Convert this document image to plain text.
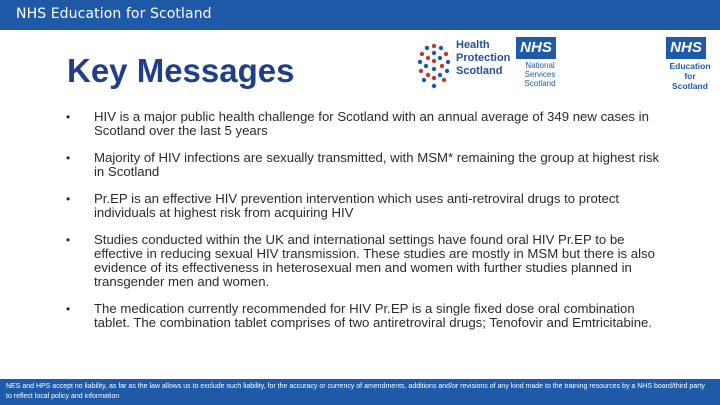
NHS Education for Scotland
Key Messages
Health
Protection
Scotland
NHS
National
Services
Scotland
NHS
Education
for
Scotland
• HIV is a major public health challenge for Scotland with an annual average of 349 new cases in Scotland over the last 5 years
• Majority of HIV infections are sexually transmitted, with MSM* remaining the group at highest risk in Scotland
• Pr.EP is an effective HIV prevention intervention which uses anti-retroviral drugs to protect individuals at highest risk from acquiring HIV
• Studies conducted within the UK and international settings have found oral HIV Pr.EP to be effective in reducing sexual HIV transmission. These studies are mostly in MSM but there is also evidence of its effectiveness in heterosexual men and women with further studies planned in transgender men and women.
• The medication currently recommended for HIV Pr.EP is a single fixed dose oral combination tablet. The combination tablet comprises of two antiretroviral drugs; Tenofovir and Emtricitabine.
NES and HPS accept no liability, as far as the law allows us to exclude such liability, for the accuracy or currency of amendments, additions and/or revisions of any kind made to the training resources by a NHS board/third party to reflect local policy and information
